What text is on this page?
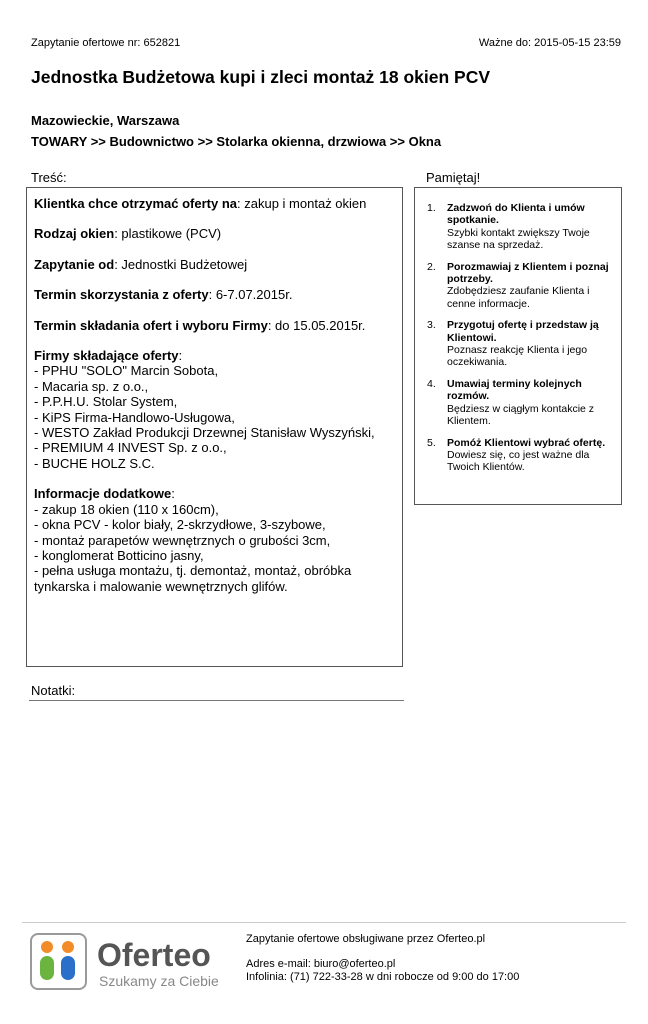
Zapytanie ofertowe nr: 652821	Ważne do: 2015-05-15 23:59
Jednostka Budżetowa kupi i zleci montaż 18 okien PCV
Mazowieckie, Warszawa
TOWARY >> Budownictwo >> Stolarka okienna, drzwiowa >> Okna
Treść:	Pamiętaj!

Klientka chce otrzymać oferty na: zakup i montaż okien

Rodzaj okien: plastikowe (PCV)

Zapytanie od: Jednostki Budżetowej

Termin skorzystania z oferty: 6-7.07.2015r.

Termin składania ofert i wyboru Firmy: do 15.05.2015r.

Firmy składające oferty:
- PPHU "SOLO" Marcin Sobota,
- Macaria sp. z o.o.,
- P.P.H.U. Stolar System,
- KiPS Firma-Handlowo-Usługowa,
- WESTO Zakład Produkcji Drzewnej Stanisław Wyszyński,
- PREMIUM 4 INVEST Sp. z o.o.,
- BUCHE HOLZ S.C.
Informacje dodatkowe:
- zakup 18 okien (110 x 160cm),
- okna PCV - kolor biały, 2-skrzydłowe, 3-szybowe,
- montaż parapetów wewnętrznych o grubości 3cm,
- konglomerat Botticino jasny,
- pełna usługa montażu, tj. demontaż, montaż, obróbka tynkarska i malowanie wewnętrznych glifów.
1.	Zadzwoń do Klienta i umów spotkanie.
Szybki kontakt zwiększy Twoje szanse na sprzedaż.
2.	Porozmawiaj z Klientem i poznaj potrzeby.
Zdobędziesz zaufanie Klienta i cenne informacje.
3.	Przygotuj ofertę i przedstaw ją Klientowi.
Poznasz reakcję Klienta i jego oczekiwania.
4.	Umawiaj terminy kolejnych rozmów.
Będziesz w ciągłym kontakcie z Klientem.
5.	Pomóż Klientowi wybrać ofertę.
Dowiesz się, co jest ważne dla Twoich Klientów.
Notatki:
Oferteo
Szukamy za Ciebie
Zapytanie ofertowe obsługiwane przez Oferteo.pl
Adres e-mail: biuro@oferteo.pl
Infolinia: (71) 722-33-28 w dni robocze od 9:00 do 17:00
